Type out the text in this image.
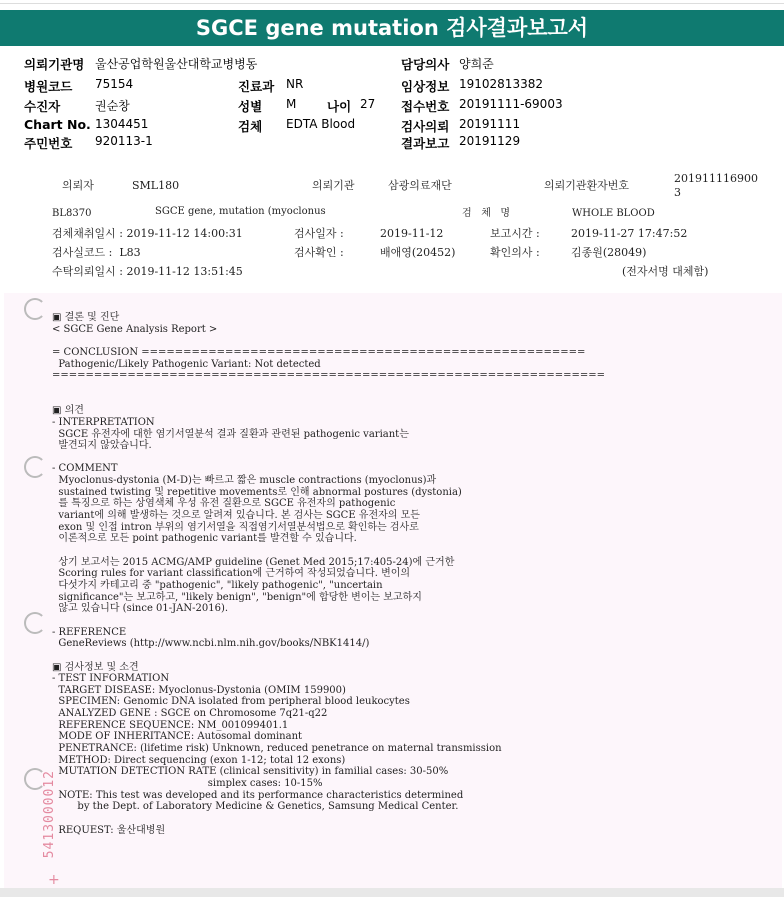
SGCE gene mutation 검사결과보고서
의뢰기관명 울산공업학원울산대학교병병동	담당의사 양희준
병원코드 75154	진료과 NR	임상정보 19102813382
수진자	권순창	성별 M 나이 27 접수번호 20191111-69003
Chart No. 1304451	검체 EDTA Blood	검사의뢰 20191111
주민번호 920113-1	결과보고 20191129
의뢰자	SML180	의뢰기관	삼광의료재단	의뢰기관환자번호
201911116900
3
BL8370	SGCE gene, mutation (myoclonus	검   체   명	WHOLE BLOOD
검체채취일시 : 2019-11-12 14:00:31	검사일자 :	2019-11-12	보고시간 :	2019-11-27 17:47:52
검사실코드 :  L83	검사확인 :	배애영(20452)	확인의사 :	김종원(28049)
수탁의뢰일시 : 2019-11-12 13:51:45	(전자서명 대체함)
▣ 결론 및 진단
< SGCE Gene Analysis Report >
= CONCLUSION =====================================================
Pathogenic/Likely Pathogenic Variant: Not detected
==================================================================
▣ 의견
- INTERPRETATION
SGCE 유전자에 대한 염기서열분석 결과 질환과 관련된 pathogenic variant는
발견되지 않았습니다.
- COMMENT
Myoclonus-dystonia (M-D)는 빠르고 짧은 muscle contractions (myoclonus)과
sustained twisting 및 repetitive movements로 인해 abnormal postures (dystonia)
를 특징으로 하는 상염색체 우성 유전 질환으로 SGCE 유전자의 pathogenic
variant에 의해 발생하는 것으로 알려져 있습니다. 본 검사는 SGCE 유전자의 모든
exon 및 인접 intron 부위의 염기서열을 직접염기서열분석법으로 확인하는 검사로
이론적으로 모든 point pathogenic variant를 발견할 수 있습니다.
상기 보고서는 2015 ACMG/AMP guideline (Genet Med 2015;17:405-24)에 근거한
Scoring rules for variant classification에 근거하여 작성되었습니다. 변이의
다섯가지 카테고리 중 "pathogenic", "likely pathogenic", "uncertain
significance"는 보고하고, "likely benign", "benign"에 합당한 변이는 보고하지
않고 있습니다 (since 01-JAN-2016).
- REFERENCE
GeneReviews (http://www.ncbi.nlm.nih.gov/books/NBK1414/)
▣ 검사정보 및 소견
- TEST INFORMATION
TARGET DISEASE: Myoclonus-Dystonia (OMIM 159900)
SPECIMEN: Genomic DNA isolated from peripheral blood leukocytes
ANALYZED GENE : SGCE on Chromosome 7q21-q22
REFERENCE SEQUENCE: NM_001099401.1
MODE OF INHERITANCE: Autosomal dominant
PENETRANCE: (lifetime risk) Unknown, reduced penetrance on maternal transmission
METHOD: Direct sequencing (exon 1-12; total 12 exons)
MUTATION DETECTION RATE (clinical sensitivity) in familial cases: 30-50%
simplex cases: 10-15%
NOTE: This test was developed and its performance characteristics determined
by the Dept. of Laboratory Medicine & Genetics, Samsung Medical Center.
REQUEST: 울산대병원
5413000012
+
